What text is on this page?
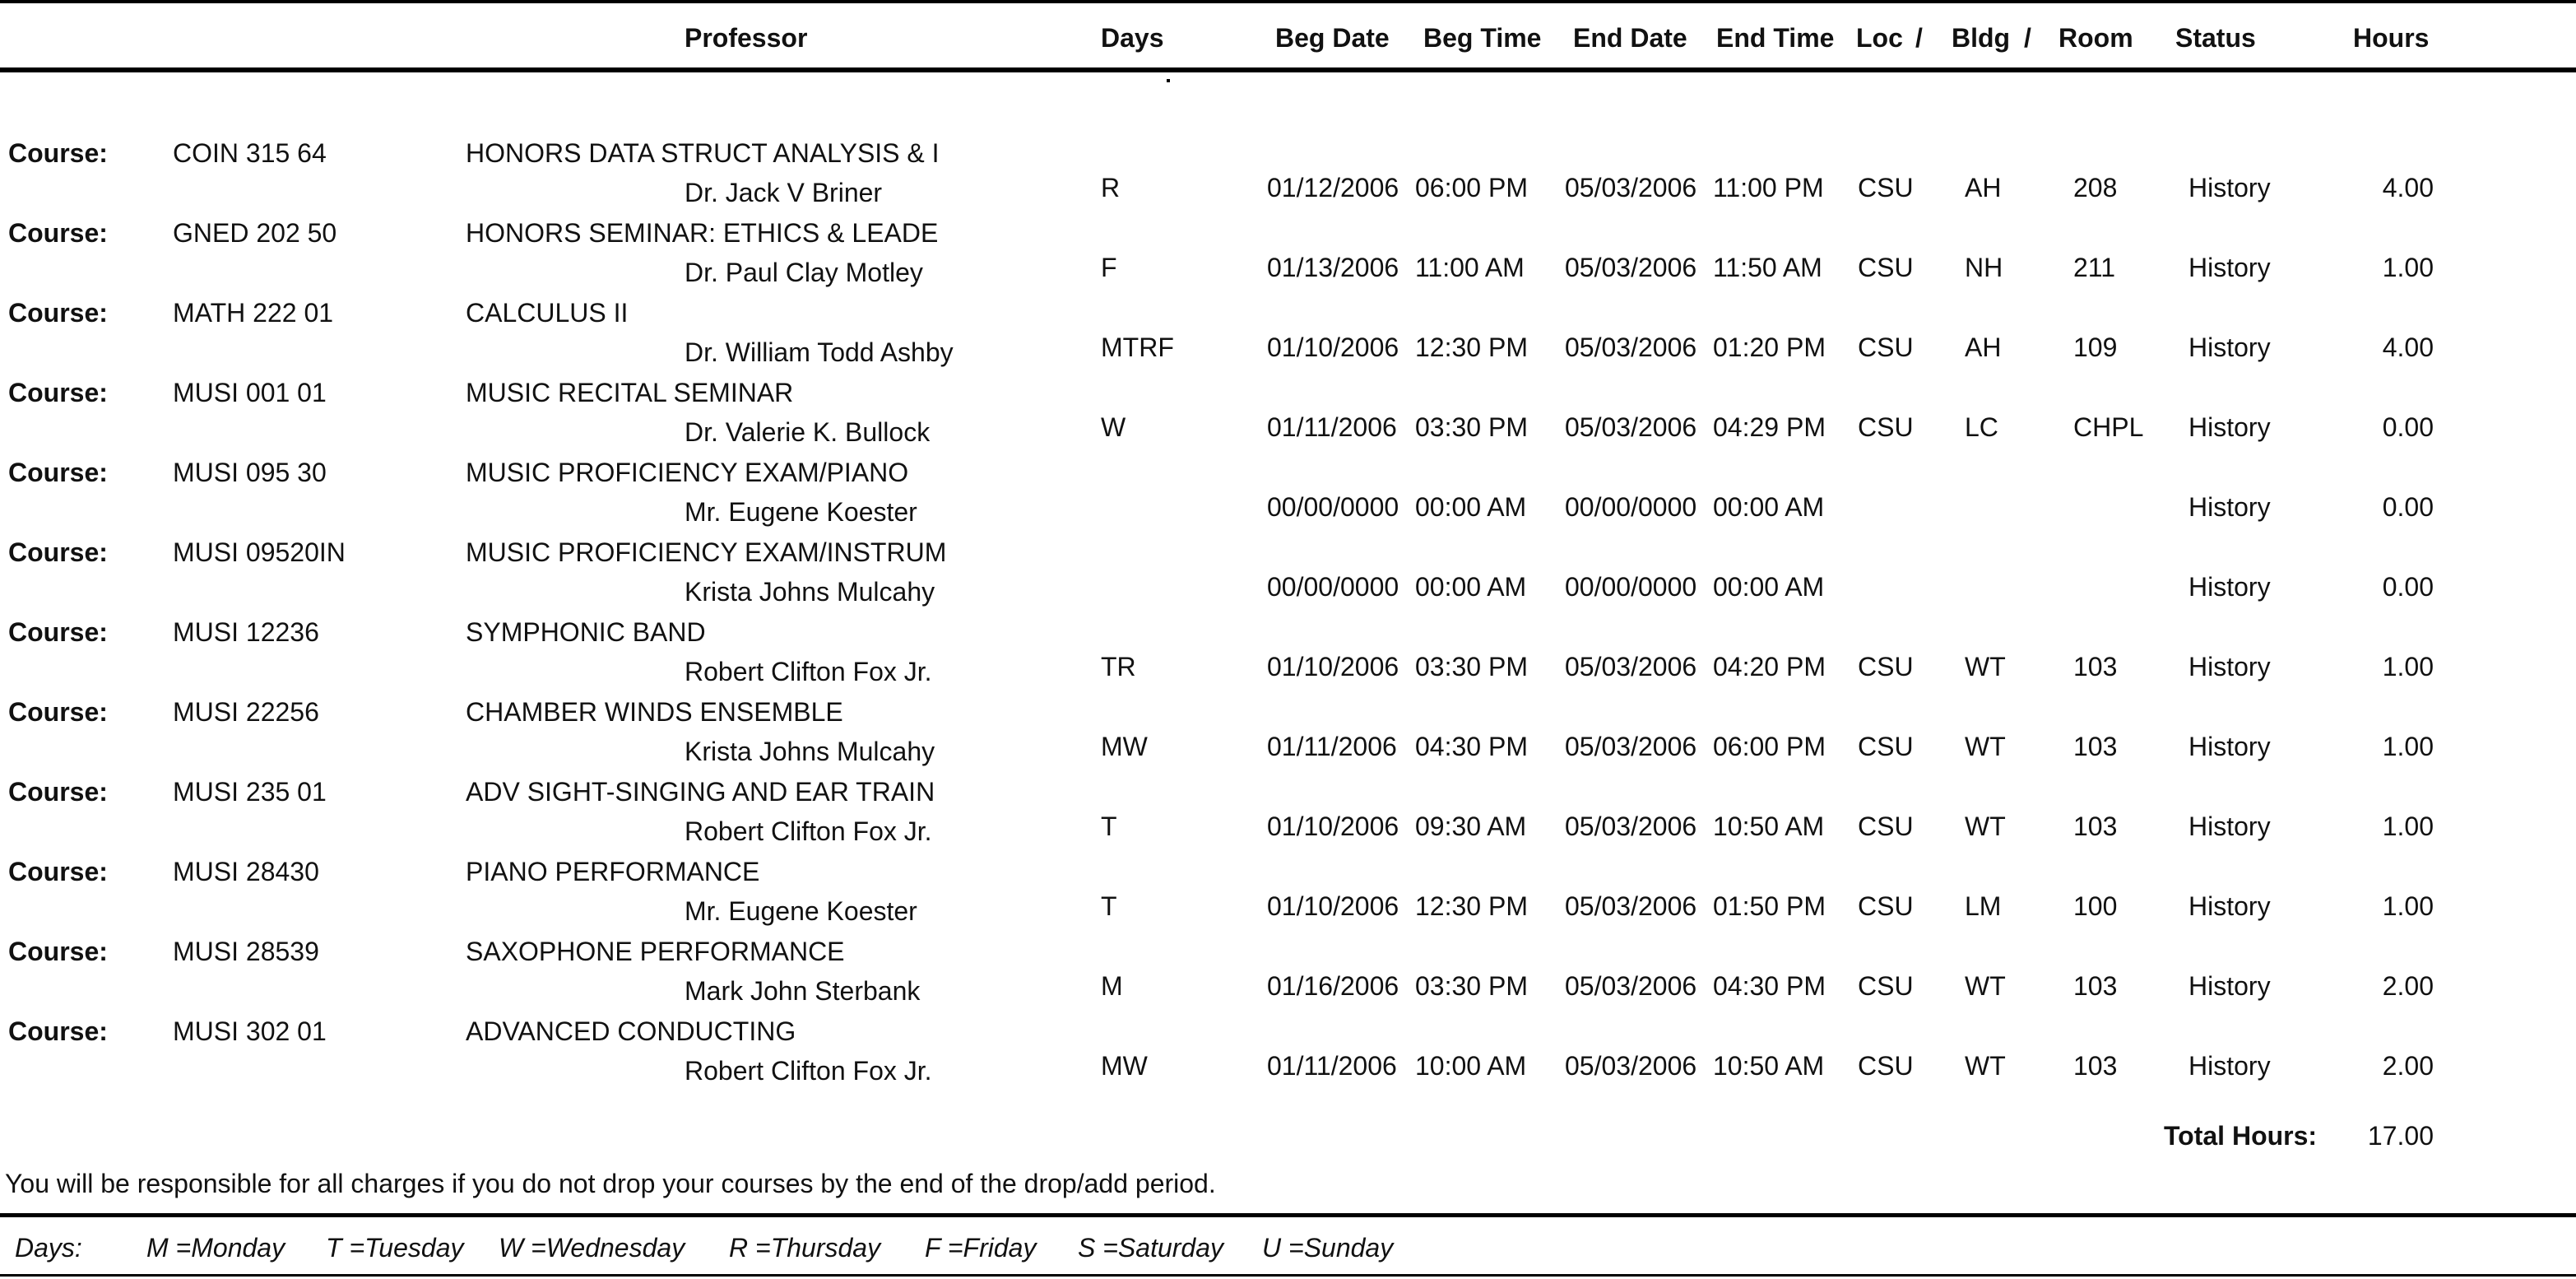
Professor	Days	Beg Date Beg Time End Date End Time Loc / Bldg / Room Status	Hours
Course: COIN 315 64	HONORS DATA STRUCT ANALYSIS & I
Dr. Jack V Briner	R	01/12/2006 06:00 PM 05/03/2006 11:00 PM CSU AH	208	History	4.00
Course: GNED 202 50	HONORS SEMINAR: ETHICS & LEADE
Dr. Paul Clay Motley	F	01/13/2006 11:00 AM 05/03/2006 11:50 AM CSU NH	211	History	1.00
Course: MATH 222 01	CALCULUS II
Dr. William Todd Ashby	MTRF	01/10/2006 12:30 PM 05/03/2006 01:20 PM CSU AH	109	History	4.00
Course: MUSI 001 01	MUSIC RECITAL SEMINAR
Dr. Valerie K. Bullock	W	01/11/2006 03:30 PM 05/03/2006 04:29 PM CSU LC	CHPL History	0.00
Course: MUSI 095 30	MUSIC PROFICIENCY EXAM/PIANO
Mr. Eugene Koester	00/00/0000 00:00 AM 00/00/0000 00:00 AM	History	0.00
Course: MUSI 09520IN	MUSIC PROFICIENCY EXAM/INSTRUM
Krista Johns Mulcahy	00/00/0000 00:00 AM 00/00/0000 00:00 AM	History	0.00
Course: MUSI 12236	SYMPHONIC BAND
Robert Clifton Fox Jr.	TR	01/10/2006 03:30 PM 05/03/2006 04:20 PM CSU WT	103	History	1.00
Course: MUSI 22256	CHAMBER WINDS ENSEMBLE
Krista Johns Mulcahy	MW	01/11/2006 04:30 PM 05/03/2006 06:00 PM CSU WT	103	History	1.00
Course: MUSI 235 01	ADV SIGHT-SINGING AND EAR TRAIN
Robert Clifton Fox Jr.	T	01/10/2006 09:30 AM 05/03/2006 10:50 AM CSU WT	103	History	1.00
Course: MUSI 28430	PIANO PERFORMANCE
Mr. Eugene Koester	T	01/10/2006 12:30 PM 05/03/2006 01:50 PM CSU LM	100	History	1.00
Course: MUSI 28539	SAXOPHONE PERFORMANCE
Mark John Sterbank	M	01/16/2006 03:30 PM 05/03/2006 04:30 PM CSU WT	103	History	2.00
Course: MUSI 302 01	ADVANCED CONDUCTING
Robert Clifton Fox Jr.	MW	01/11/2006 10:00 AM 05/03/2006 10:50 AM CSU WT	103	History	2.00
Total Hours:	17.00
You will be responsible for all charges if you do not drop your courses by the end of the drop/add period.
Days: M =Monday T =Tuesday W =Wednesday R =Thursday F =Friday S =Saturday U =Sunday
